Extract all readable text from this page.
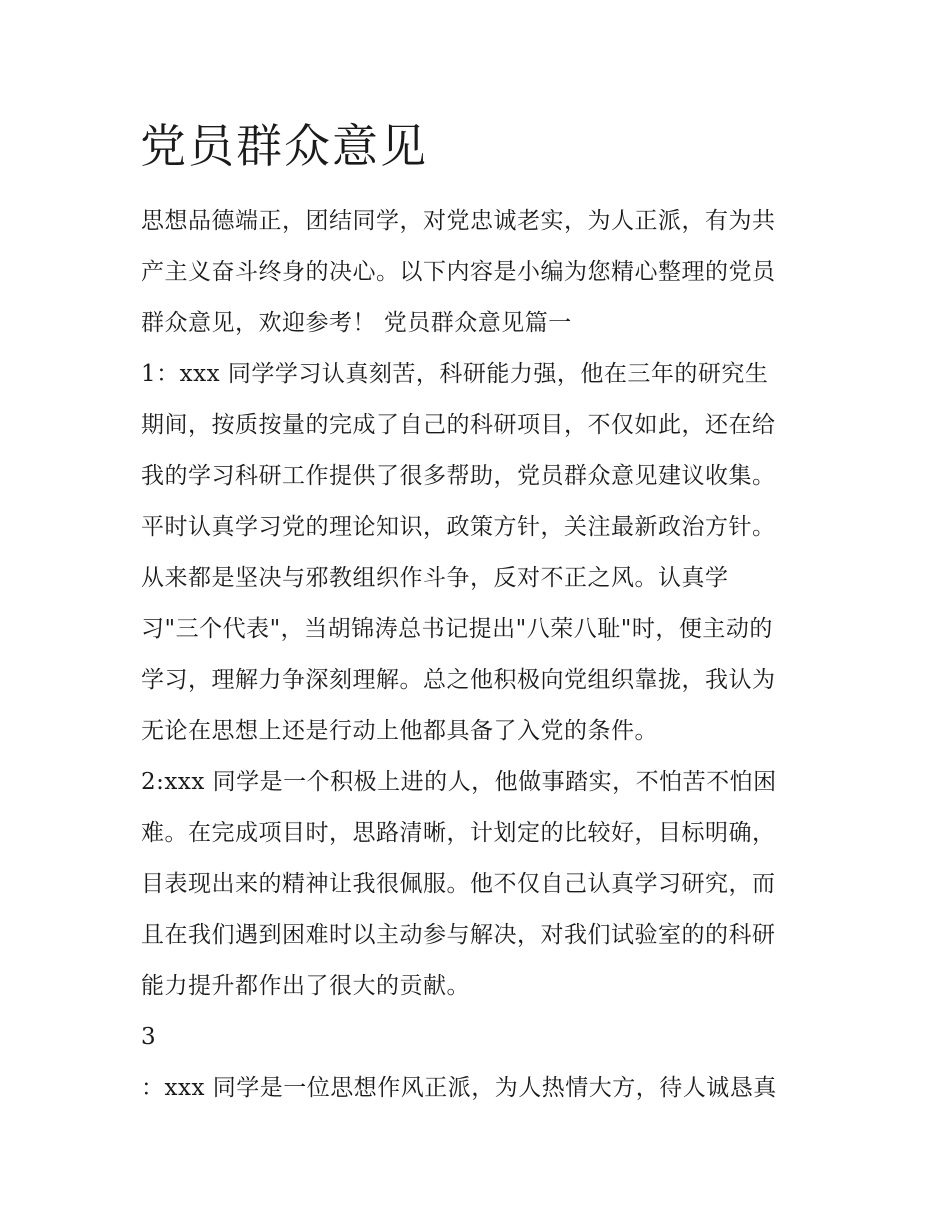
党员群众意见
思想品德端正，团结同学，对党忠诚老实，为人正派，有为共
产主义奋斗终身的决心。以下内容是小编为您精心整理的党员
群众意见，欢迎参考！ 党员群众意见篇一
1：xxx 同学学习认真刻苦，科研能力强，他在三年的研究生
期间，按质按量的完成了自己的科研项目，不仅如此，还在给
我的学习科研工作提供了很多帮助，党员群众意见建议收集。
平时认真学习党的理论知识，政策方针，关注最新政治方针。
从来都是坚决与邪教组织作斗争，反对不正之风。认真学
习"三个代表"，当胡锦涛总书记提出"八荣八耻"时，便主动的
学习，理解力争深刻理解。总之他积极向党组织靠拢，我认为
无论在思想上还是行动上他都具备了入党的条件。
2:xxx 同学是一个积极上进的人，他做事踏实，不怕苦不怕困
难。在完成项目时，思路清晰，计划定的比较好，目标明确，
目表现出来的精神让我很佩服。他不仅自己认真学习研究，而
且在我们遇到困难时以主动参与解决，对我们试验室的的科研
能力提升都作出了很大的贡献。
3
：xxx 同学是一位思想作风正派，为人热情大方，待人诚恳真
